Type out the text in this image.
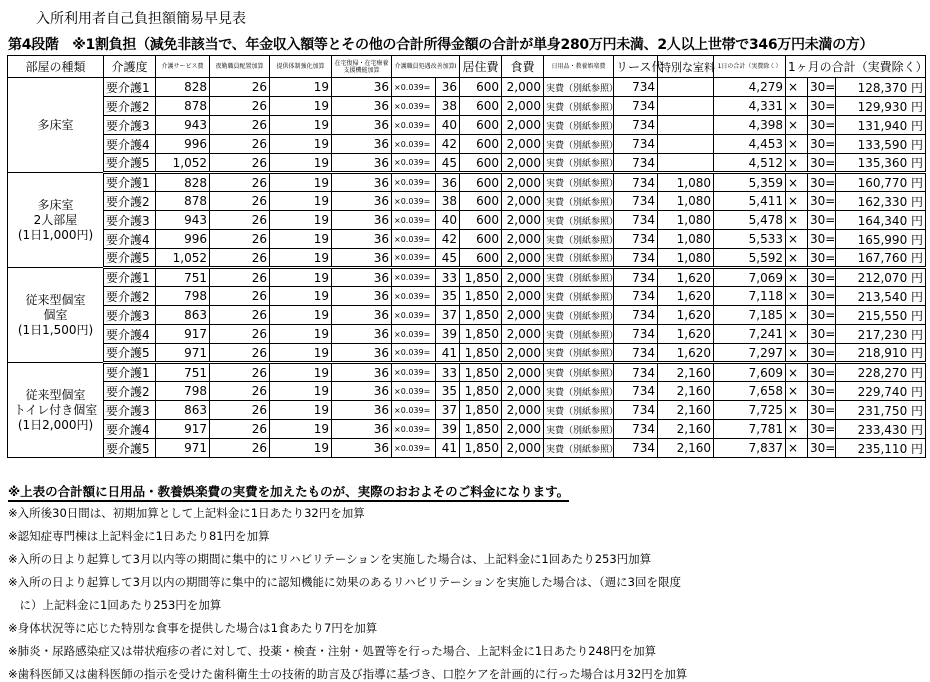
入所利用者自己負担額簡易早見表
第4段階　※1割負担（減免非該当で、年金収入額等とその他の合計所得金額の合計が単身280万円未満、2人以上世帯で346万円未満の方）
部屋の種類	介護度	介護サービス費	夜勤職員配置加算	提供体制強化加算	在宅復帰・在宅療養支援機能加算	介護職員処遇改善加算Ⅰ		居住費	食費	日用品・教養娯楽費	リース代	特別な室料	1日の合計（実費除く）	1ヶ月の合計（実費除く）		
多床室	要介護1	828	26	19	36	×0.039=	36	600	2,000	実費（別紙参照）	734		4,279	×	30=	128,370 円
	要介護2	878	26	19	36	×0.039=	38	600	2,000	実費（別紙参照）	734		4,331	×	30=	129,930 円
	要介護3	943	26	19	36	×0.039=	40	600	2,000	実費（別紙参照）	734		4,398	×	30=	131,940 円
	要介護4	996	26	19	36	×0.039=	42	600	2,000	実費（別紙参照）	734		4,453	×	30=	133,590 円
	要介護5	1,052	26	19	36	×0.039=	45	600	2,000	実費（別紙参照）	734		4,512	×	30=	135,360 円
多床室
2人部屋
(1日1,000円)	要介護1	828	26	19	36	×0.039=	36	600	2,000	実費（別紙参照）	734	1,080	5,359	×	30=	160,770 円
	要介護2	878	26	19	36	×0.039=	38	600	2,000	実費（別紙参照）	734	1,080	5,411	×	30=	162,330 円
	要介護3	943	26	19	36	×0.039=	40	600	2,000	実費（別紙参照）	734	1,080	5,478	×	30=	164,340 円
	要介護4	996	26	19	36	×0.039=	42	600	2,000	実費（別紙参照）	734	1,080	5,533	×	30=	165,990 円
	要介護5	1,052	26	19	36	×0.039=	45	600	2,000	実費（別紙参照）	734	1,080	5,592	×	30=	167,760 円
従来型個室
個室
(1日1,500円)	要介護1	751	26	19	36	×0.039=	33	1,850	2,000	実費（別紙参照）	734	1,620	7,069	×	30=	212,070 円
	要介護2	798	26	19	36	×0.039=	35	1,850	2,000	実費（別紙参照）	734	1,620	7,118	×	30=	213,540 円
	要介護3	863	26	19	36	×0.039=	37	1,850	2,000	実費（別紙参照）	734	1,620	7,185	×	30=	215,550 円
	要介護4	917	26	19	36	×0.039=	39	1,850	2,000	実費（別紙参照）	734	1,620	7,241	×	30=	217,230 円
	要介護5	971	26	19	36	×0.039=	41	1,850	2,000	実費（別紙参照）	734	1,620	7,297	×	30=	218,910 円
従来型個室
トイレ付き個室
(1日2,000円)	要介護1	751	26	19	36	×0.039=	33	1,850	2,000	実費（別紙参照）	734	2,160	7,609	×	30=	228,270 円
	要介護2	798	26	19	36	×0.039=	35	1,850	2,000	実費（別紙参照）	734	2,160	7,658	×	30=	229,740 円
	要介護3	863	26	19	36	×0.039=	37	1,850	2,000	実費（別紙参照）	734	2,160	7,725	×	30=	231,750 円
	要介護4	917	26	19	36	×0.039=	39	1,850	2,000	実費（別紙参照）	734	2,160	7,781	×	30=	233,430 円
	要介護5	971	26	19	36	×0.039=	41	1,850	2,000	実費（別紙参照）	734	2,160	7,837	×	30=	235,110 円
※上表の合計額に日用品・教養娯楽費の実費を加えたものが、実際のおおよそのご料金になります。
※入所後30日間は、初期加算として上記料金に1日あたり32円を加算
※認知症専門棟は上記料金に1日あたり81円を加算
※入所の日より起算して3月以内等の期間に集中的にリハビリテーションを実施した場合は、上記料金に1回あたり253円加算
※入所の日より起算して3月以内の期間等に集中的に認知機能に効果のあるリハビリテーションを実施した場合は、（週に3回を限度
　に）上記料金に1回あたり253円を加算
※身体状況等に応じた特別な食事を提供した場合は1食あたり7円を加算
※肺炎・尿路感染症又は帯状疱疹の者に対して、投薬・検査・注射・処置等を行った場合、上記料金に1日あたり248円を加算
※歯科医師又は歯科医師の指示を受けた歯科衛生士の技術的助言及び指導に基づき、口腔ケアを計画的に行った場合は月32円を加算
